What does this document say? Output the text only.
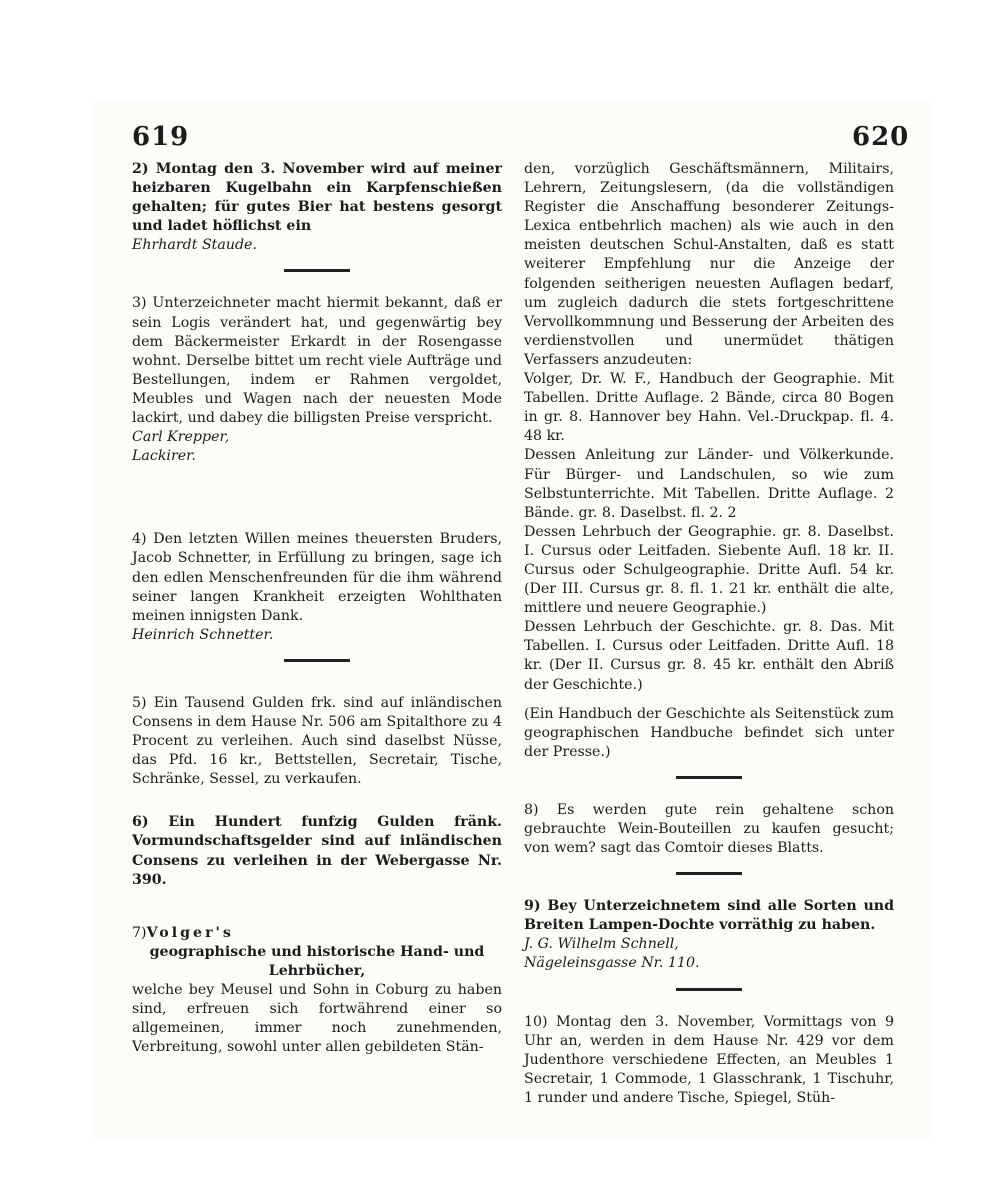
619	620

2) Montag den 3. November wird auf meiner heizbaren Kugelbahn ein Karpfenschießen gehalten; für gutes Bier hat bestens gesorgt und ladet höflichst ein

Ehrhardt Staude.

3) Unterzeichneter macht hiermit bekannt, daß er sein Logis verändert hat, und gegenwärtig bey dem Bäckermeister Erkardt in der Rosengasse wohnt. Derselbe bittet um recht viele Aufträge und Bestellungen, indem er Rahmen vergoldet, Meubles und Wagen nach der neuesten Mode lackirt, und dabey die billigsten Preise verspricht.

Carl Krepper,

Lackirer.

4) Den letzten Willen meines theuersten Bruders, Jacob Schnetter, in Erfüllung zu bringen, sage ich den edlen Menschenfreunden für die ihm während seiner langen Krankheit erzeigten Wohlthaten meinen innigsten Dank.

Heinrich Schnetter.

5) Ein Tausend Gulden frk. sind auf inländischen Consens in dem Hause Nr. 506 am Spitalthore zu 4 Procent zu verleihen. Auch sind daselbst Nüsse, das Pfd. 16 kr., Bettstellen, Secretair, Tische, Schränke, Sessel, zu verkaufen.

6) Ein Hundert funfzig Gulden fränk. Vormundschaftsgelder sind auf inländischen Consens zu verleihen in der Webergasse Nr. 390.

7) Volger's

geographische und historische Hand- und Lehrbücher,

welche bey Meusel und Sohn in Coburg zu haben sind, erfreuen sich fortwährend einer so allgemeinen, immer noch zunehmenden, Verbreitung, sowohl unter allen gebildeten Stän-

den, vorzüglich Geschäftsmännern, Militairs, Lehrern, Zeitungslesern, (da die vollständigen Register die Anschaffung besonderer Zeitungs-Lexica entbehrlich machen) als wie auch in den meisten deutschen Schul-Anstalten, daß es statt weiterer Empfehlung nur die Anzeige der folgenden seitherigen neuesten Auflagen bedarf, um zugleich dadurch die stets fortgeschrittene Vervollkommnung und Besserung der Arbeiten des verdienstvollen und unermüdet thätigen Verfassers anzudeuten:

Volger, Dr. W. F., Handbuch der Geographie. Mit Tabellen. Dritte Auflage. 2 Bände, circa 80 Bogen in gr. 8. Hannover bey Hahn. Vel.-Druckpap. fl. 4. 48 kr.

Dessen Anleitung zur Länder- und Völkerkunde. Für Bürger- und Landschulen, so wie zum Selbstunterrichte. Mit Tabellen. Dritte Auflage. 2 Bände. gr. 8. Daselbst. fl. 2. 2

Dessen Lehrbuch der Geographie. gr. 8. Daselbst. I. Cursus oder Leitfaden. Siebente Aufl. 18 kr. II. Cursus oder Schulgeographie. Dritte Aufl. 54 kr. (Der III. Cursus gr. 8. fl. 1. 21 kr. enthält die alte, mittlere und neuere Geographie.)

Dessen Lehrbuch der Geschichte. gr. 8. Das. Mit Tabellen. I. Cursus oder Leitfaden. Dritte Aufl. 18 kr. (Der II. Cursus gr. 8. 45 kr. enthält den Abriß der Geschichte.)

(Ein Handbuch der Geschichte als Seitenstück zum geographischen Handbuche befindet sich unter der Presse.)

8) Es werden gute rein gehaltene schon gebrauchte Wein-Bouteillen zu kaufen gesucht; von wem? sagt das Comtoir dieses Blatts.

9) Bey Unterzeichnetem sind alle Sorten und Breiten Lampen-Dochte vorräthig zu haben.

J. G. Wilhelm Schnell,

Nägeleinsgasse Nr. 110.

10) Montag den 3. November, Vormittags von 9 Uhr an, werden in dem Hause Nr. 429 vor dem Judenthore verschiedene Effecten, an Meubles 1 Secretair, 1 Commode, 1 Glasschrank, 1 Tischuhr, 1 runder und andere Tische, Spiegel, Stüh-
